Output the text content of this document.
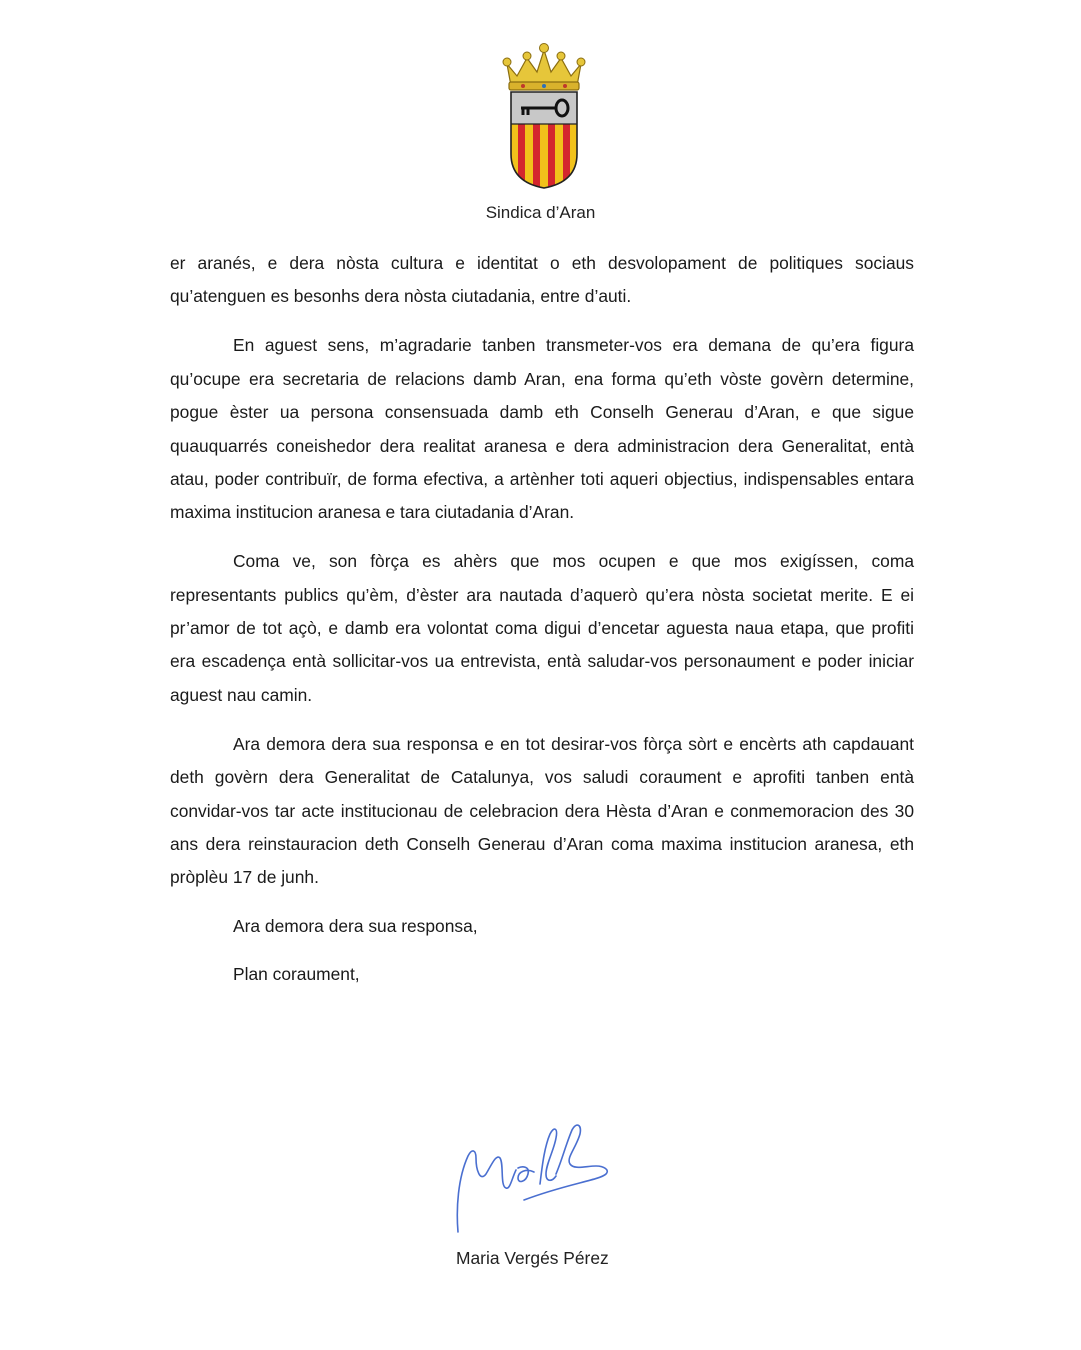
Sindica d’Aran

er aranés, e dera nòsta cultura e identitat o eth desvolopament de politiques sociaus qu’atenguen es besonhs dera nòsta ciutadania, entre d’auti.

En aguest sens, m’agradarie tanben transmeter-vos era demana de qu’era figura qu’ocupe era secretaria de relacions damb Aran, ena forma qu’eth vòste govèrn determine, pogue èster ua persona consensuada damb eth Conselh Generau d’Aran, e que sigue quauquarrés coneishedor dera realitat aranesa e dera administracion dera Generalitat, entà atau, poder contribuïr, de forma efectiva, a artènher toti aqueri objectius, indispensables entara maxima institucion aranesa e tara ciutadania d’Aran.

Coma ve, son fòrça es ahèrs que mos ocupen e que mos exigíssen, coma representants publics qu’èm, d’èster ara nautada d’aquerò qu’era nòsta societat merite. E ei pr’amor de tot açò, e damb era volontat coma digui d’encetar aguesta naua etapa, que profiti era escadença entà sollicitar-vos ua entrevista, entà saludar-vos personaument e poder iniciar aguest nau camin.

Ara demora dera sua responsa e en tot desirar-vos fòrça sòrt e encèrts ath capdauant deth govèrn dera Generalitat de Catalunya, vos saludi coraument e aprofiti tanben entà convidar-vos tar acte institucionau de celebracion dera Hèsta d’Aran e conmemoracion des 30 ans dera reinstauracion deth Conselh Generau d’Aran coma maxima institucion aranesa, eth pròplèu 17 de junh.

Ara demora dera sua responsa,

Plan coraument,

Maria Vergés Pérez
